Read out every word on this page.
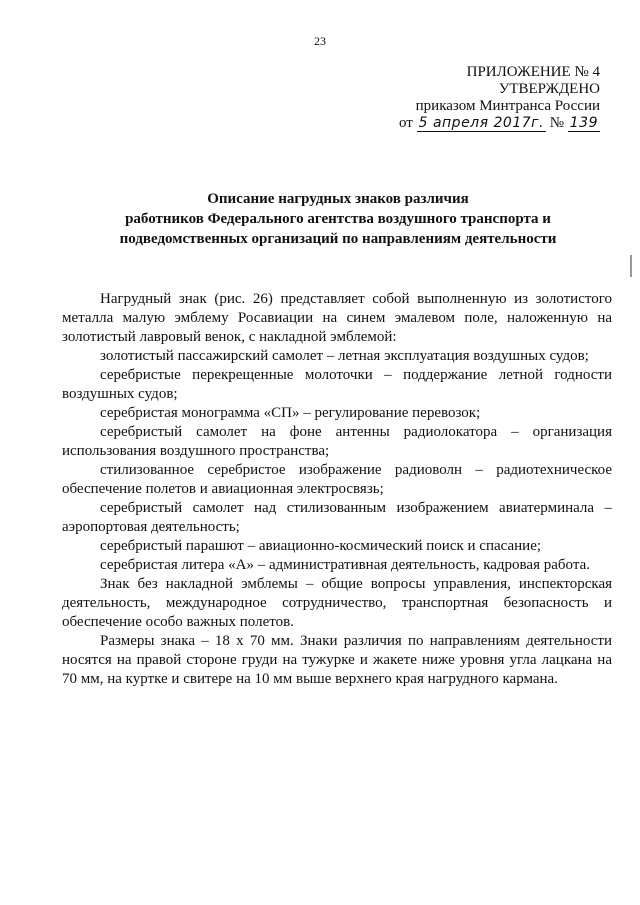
23
ПРИЛОЖЕНИЕ № 4
УТВЕРЖДЕНО
приказом Минтранса России
от 5 апреля 2017г. № 139
Описание нагрудных знаков различия
работников Федерального агентства воздушного транспорта и
подведомственных организаций по направлениям деятельности

Нагрудный знак (рис. 26) представляет собой выполненную из золотистого металла малую эмблему Росавиации на синем эмалевом поле, наложенную на золотистый лавровый венок, с накладной эмблемой:

золотистый пассажирский самолет – летная эксплуатация воздушных судов;

серебристые перекрещенные молоточки – поддержание летной годности воздушных судов;

серебристая монограмма «СП» – регулирование перевозок;

серебристый самолет на фоне антенны радиолокатора – организация использования воздушного пространства;

стилизованное серебристое изображение радиоволн – радиотехническое обеспечение полетов и авиационная электросвязь;

серебристый самолет над стилизованным изображением авиатерминала – аэропортовая деятельность;

серебристый парашют – авиационно-космический поиск и спасание;

серебристая литера «А» – административная деятельность, кадровая работа.

Знак без накладной эмблемы – общие вопросы управления, инспекторская деятельность, международное сотрудничество, транспортная безопасность и обеспечение особо важных полетов.

Размеры знака – 18 х 70 мм. Знаки различия по направлениям деятельности носятся на правой стороне груди на тужурке и жакете ниже уровня угла лацкана на 70 мм, на куртке и свитере на 10 мм выше верхнего края нагрудного кармана.
